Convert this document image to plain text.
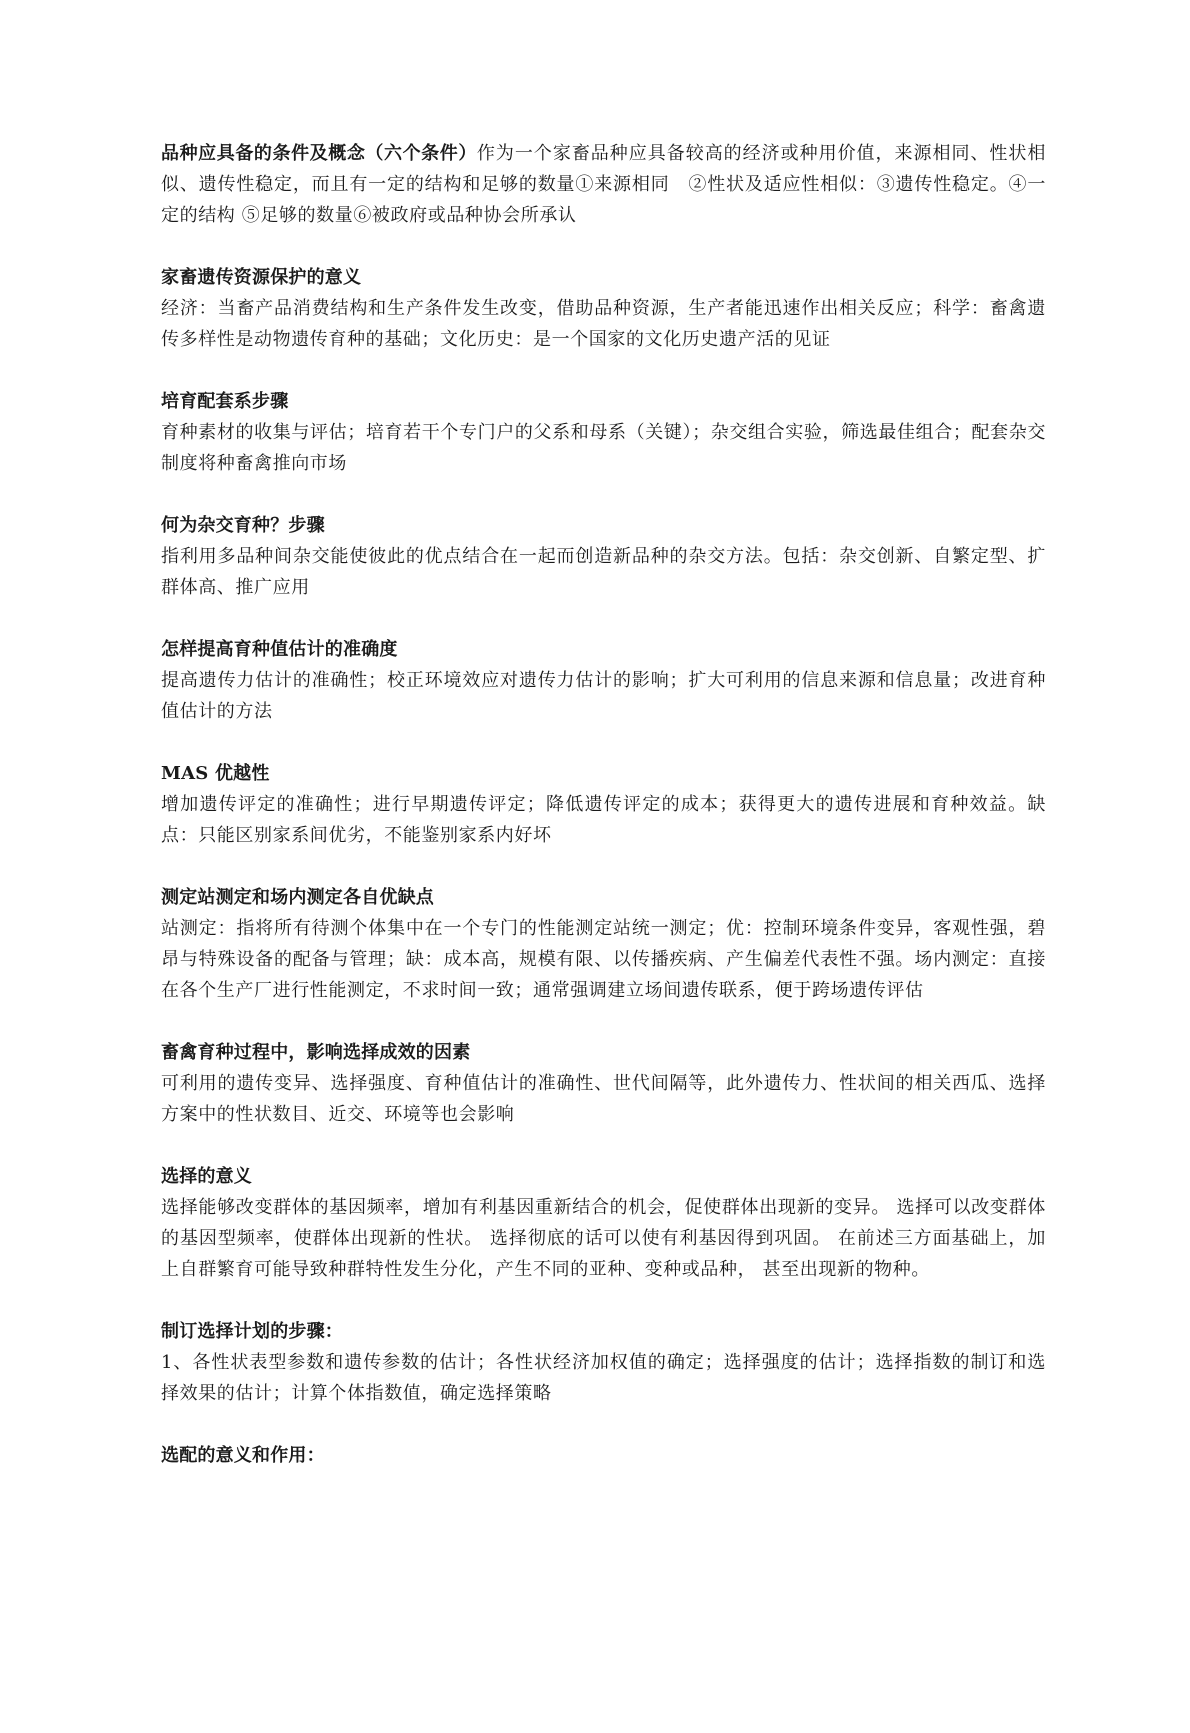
品种应具备的条件及概念（六个条件）作为一个家畜品种应具备较高的经济或种用价值，来源相同、性状相似、遗传性稳定，而且有一定的结构和足够的数量①来源相同　②性状及适应性相似：③遗传性稳定。④一定的结构 ⑤足够的数量⑥被政府或品种协会所承认

家畜遗传资源保护的意义

经济：当畜产品消费结构和生产条件发生改变，借助品种资源，生产者能迅速作出相关反应；科学：畜禽遗传多样性是动物遗传育种的基础；文化历史：是一个国家的文化历史遗产活的见证

培育配套系步骤

育种素材的收集与评估；培育若干个专门户的父系和母系（关键）；杂交组合实验，筛选最佳组合；配套杂交制度将种畜禽推向市场

何为杂交育种？步骤

指利用多品种间杂交能使彼此的优点结合在一起而创造新品种的杂交方法。包括：杂交创新、自繁定型、扩群体高、推广应用

怎样提高育种值估计的准确度

提高遗传力估计的准确性；校正环境效应对遗传力估计的影响；扩大可利用的信息来源和信息量；改进育种值估计的方法

MAS 优越性

增加遗传评定的准确性；进行早期遗传评定；降低遗传评定的成本；获得更大的遗传进展和育种效益。缺点：只能区别家系间优劣，不能鉴别家系内好坏

测定站测定和场内测定各自优缺点

站测定：指将所有待测个体集中在一个专门的性能测定站统一测定；优：控制环境条件变异，客观性强，碧昂与特殊设备的配备与管理；缺：成本高，规模有限、以传播疾病、产生偏差代表性不强。场内测定：直接在各个生产厂进行性能测定，不求时间一致；通常强调建立场间遗传联系，便于跨场遗传评估

畜禽育种过程中，影响选择成效的因素

可利用的遗传变异、选择强度、育种值估计的准确性、世代间隔等，此外遗传力、性状间的相关西瓜、选择方案中的性状数目、近交、环境等也会影响

选择的意义

选择能够改变群体的基因频率，增加有利基因重新结合的机会，促使群体出现新的变异。 选择可以改变群体的基因型频率，使群体出现新的性状。 选择彻底的话可以使有利基因得到巩固。 在前述三方面基础上，加上自群繁育可能导致种群特性发生分化，产生不同的亚种、变种或品种， 甚至出现新的物种。

制订选择计划的步骤：

1、各性状表型参数和遗传参数的估计；各性状经济加权值的确定；选择强度的估计；选择指数的制订和选择效果的估计；计算个体指数值，确定选择策略

选配的意义和作用：
